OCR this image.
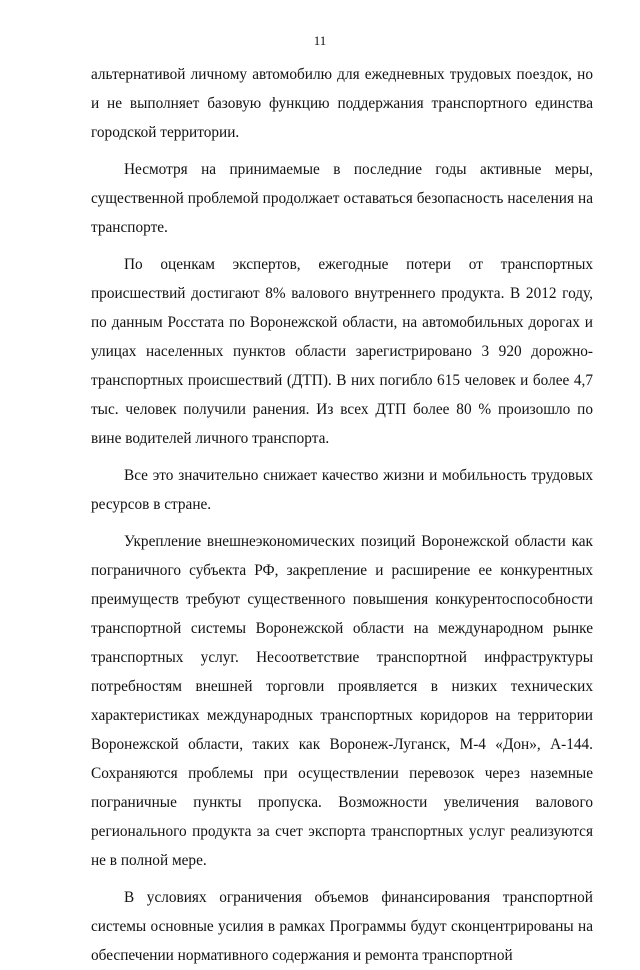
11

альтернативой личному автомобилю для ежедневных трудовых поездок, но и не выполняет базовую функцию поддержания транспортного единства городской территории.

Несмотря на принимаемые в последние годы активные меры, существенной проблемой продолжает оставаться безопасность населения на транспорте.

По оценкам экспертов, ежегодные потери от транспортных происшествий достигают 8% валового внутреннего продукта. В 2012 году, по данным Росстата по Воронежской области, на автомобильных дорогах и улицах населенных пунктов области зарегистрировано 3 920 дорожно-транспортных происшествий (ДТП). В них погибло 615 человек и более 4,7 тыс. человек получили ранения. Из всех ДТП более 80 % произошло по вине водителей личного транспорта.

Все это значительно снижает качество жизни и мобильность трудовых ресурсов в стране.

Укрепление внешнеэкономических позиций Воронежской области как пограничного субъекта РФ, закрепление и расширение ее конкурентных преимуществ требуют существенного повышения конкурентоспособности транспортной системы Воронежской области на международном рынке транспортных услуг. Несоответствие транспортной инфраструктуры потребностям внешней торговли проявляется в низких технических характеристиках международных транспортных коридоров на территории Воронежской области, таких как Воронеж-Луганск, М-4 «Дон», А-144. Сохраняются проблемы при осуществлении перевозок через наземные пограничные пункты пропуска. Возможности увеличения валового регионального продукта за счет экспорта транспортных услуг реализуются не в полной мере.

В условиях ограничения объемов финансирования транспортной системы основные усилия в рамках Программы будут сконцентрированы на обеспечении нормативного содержания и ремонта транспортной
